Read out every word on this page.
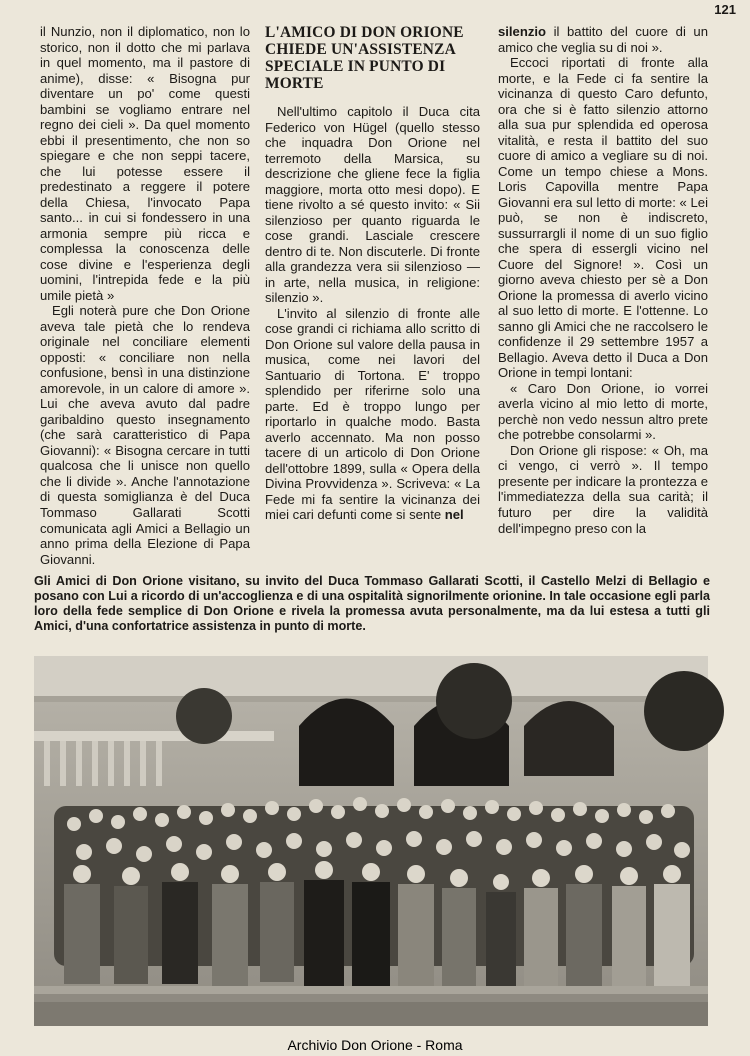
121

il Nunzio, non il diplomatico, non lo storico, non il dotto che mi parlava in quel momento, ma il pastore di anime), disse: « Bisogna pur diventare un po' come questi bambini se vogliamo entrare nel regno dei cieli ». Da quel momento ebbi il presentimento, che non so spiegare e che non seppi tacere, che lui potesse essere il predestinato a reggere il potere della Chiesa, l'invocato Papa santo... in cui si fondessero in una armonia sempre più ricca e complessa la conoscenza delle cose divine e l'esperienza degli uomini, l'intrepida fede e la più umile pietà »

Egli noterà pure che Don Orione aveva tale pietà che lo rendeva originale nel conciliare elementi opposti: « conciliare non nella confusione, bensì in una distinzione amorevole, in un calore di amore ». Lui che aveva avuto dal padre garibaldino questo insegnamento (che sarà caratteristico di Papa Giovanni): « Bisogna cercare in tutti qualcosa che li unisce non quello che li divide ». Anche l'annotazione di questa somiglianza è del Duca Tommaso Gallarati Scotti comunicata agli Amici a Bellagio un anno prima della Elezione di Papa Giovanni.

L'AMICO DI DON ORIONE CHIEDE UN'ASSISTENZA SPECIALE IN PUNTO DI MORTE

Nell'ultimo capitolo il Duca cita Federico von Hügel (quello stesso che inquadra Don Orione nel terremoto della Marsica, su descrizione che gliene fece la figlia maggiore, morta otto mesi dopo). E tiene rivolto a sé questo invito: « Sii silenzioso per quanto riguarda le cose grandi. Lasciale crescere dentro di te. Non discuterle. Di fronte alla grandezza vera sii silenzioso — in arte, nella musica, in religione: silenzio ».

L'invito al silenzio di fronte alle cose grandi ci richiama allo scritto di Don Orione sul valore della pausa in musica, come nei lavori del Santuario di Tortona. E' troppo splendido per riferirne solo una parte. Ed è troppo lungo per riportarlo in qualche modo. Basta averlo accennato. Ma non posso tacere di un articolo di Don Orione dell'ottobre 1899, sulla « Opera della Divina Provvidenza ». Scriveva: « La Fede mi fa sentire la vicinanza dei miei cari defunti come si sente nel

silenzio il battito del cuore di un amico che veglia su di noi ».

Eccoci riportati di fronte alla morte, e la Fede ci fa sentire la vicinanza di questo Caro defunto, ora che si è fatto silenzio attorno alla sua pur splendida ed operosa vitalità, e resta il battito del suo cuore di amico a vegliare su di noi. Come un tempo chiese a Mons. Loris Capovilla mentre Papa Giovanni era sul letto di morte: « Lei può, se non è indiscreto, sussurrargli il nome di un suo figlio che spera di essergli vicino nel Cuore del Signore! ». Così un giorno aveva chiesto per sè a Don Orione la promessa di averlo vicino al suo letto di morte. E l'ottenne. Lo sanno gli Amici che ne raccolsero le confidenze il 29 settembre 1957 a Bellagio. Aveva detto il Duca a Don Orione in tempi lontani:

« Caro Don Orione, io vorrei averla vicino al mio letto di morte, perchè non vedo nessun altro prete che potrebbe consolarmi ».

Don Orione gli rispose: « Oh, ma ci vengo, ci verrò ». Il tempo presente per indicare la prontezza e l'immediatezza della sua carità; il futuro per dire la validità dell'impegno preso con la

Gli Amici di Don Orione visitano, su invito del Duca Tommaso Gallarati Scotti, il Castello Melzi di Bellagio e posano con Lui a ricordo di un'accoglienza e di una ospitalità signorilmente orionine. In tale occasione egli parla loro della fede semplice di Don Orione e rivela la promessa avuta personalmente, ma da lui estesa a tutti gli Amici, d'una confortatrice assistenza in punto di morte.
Archivio Don Orione - Roma
